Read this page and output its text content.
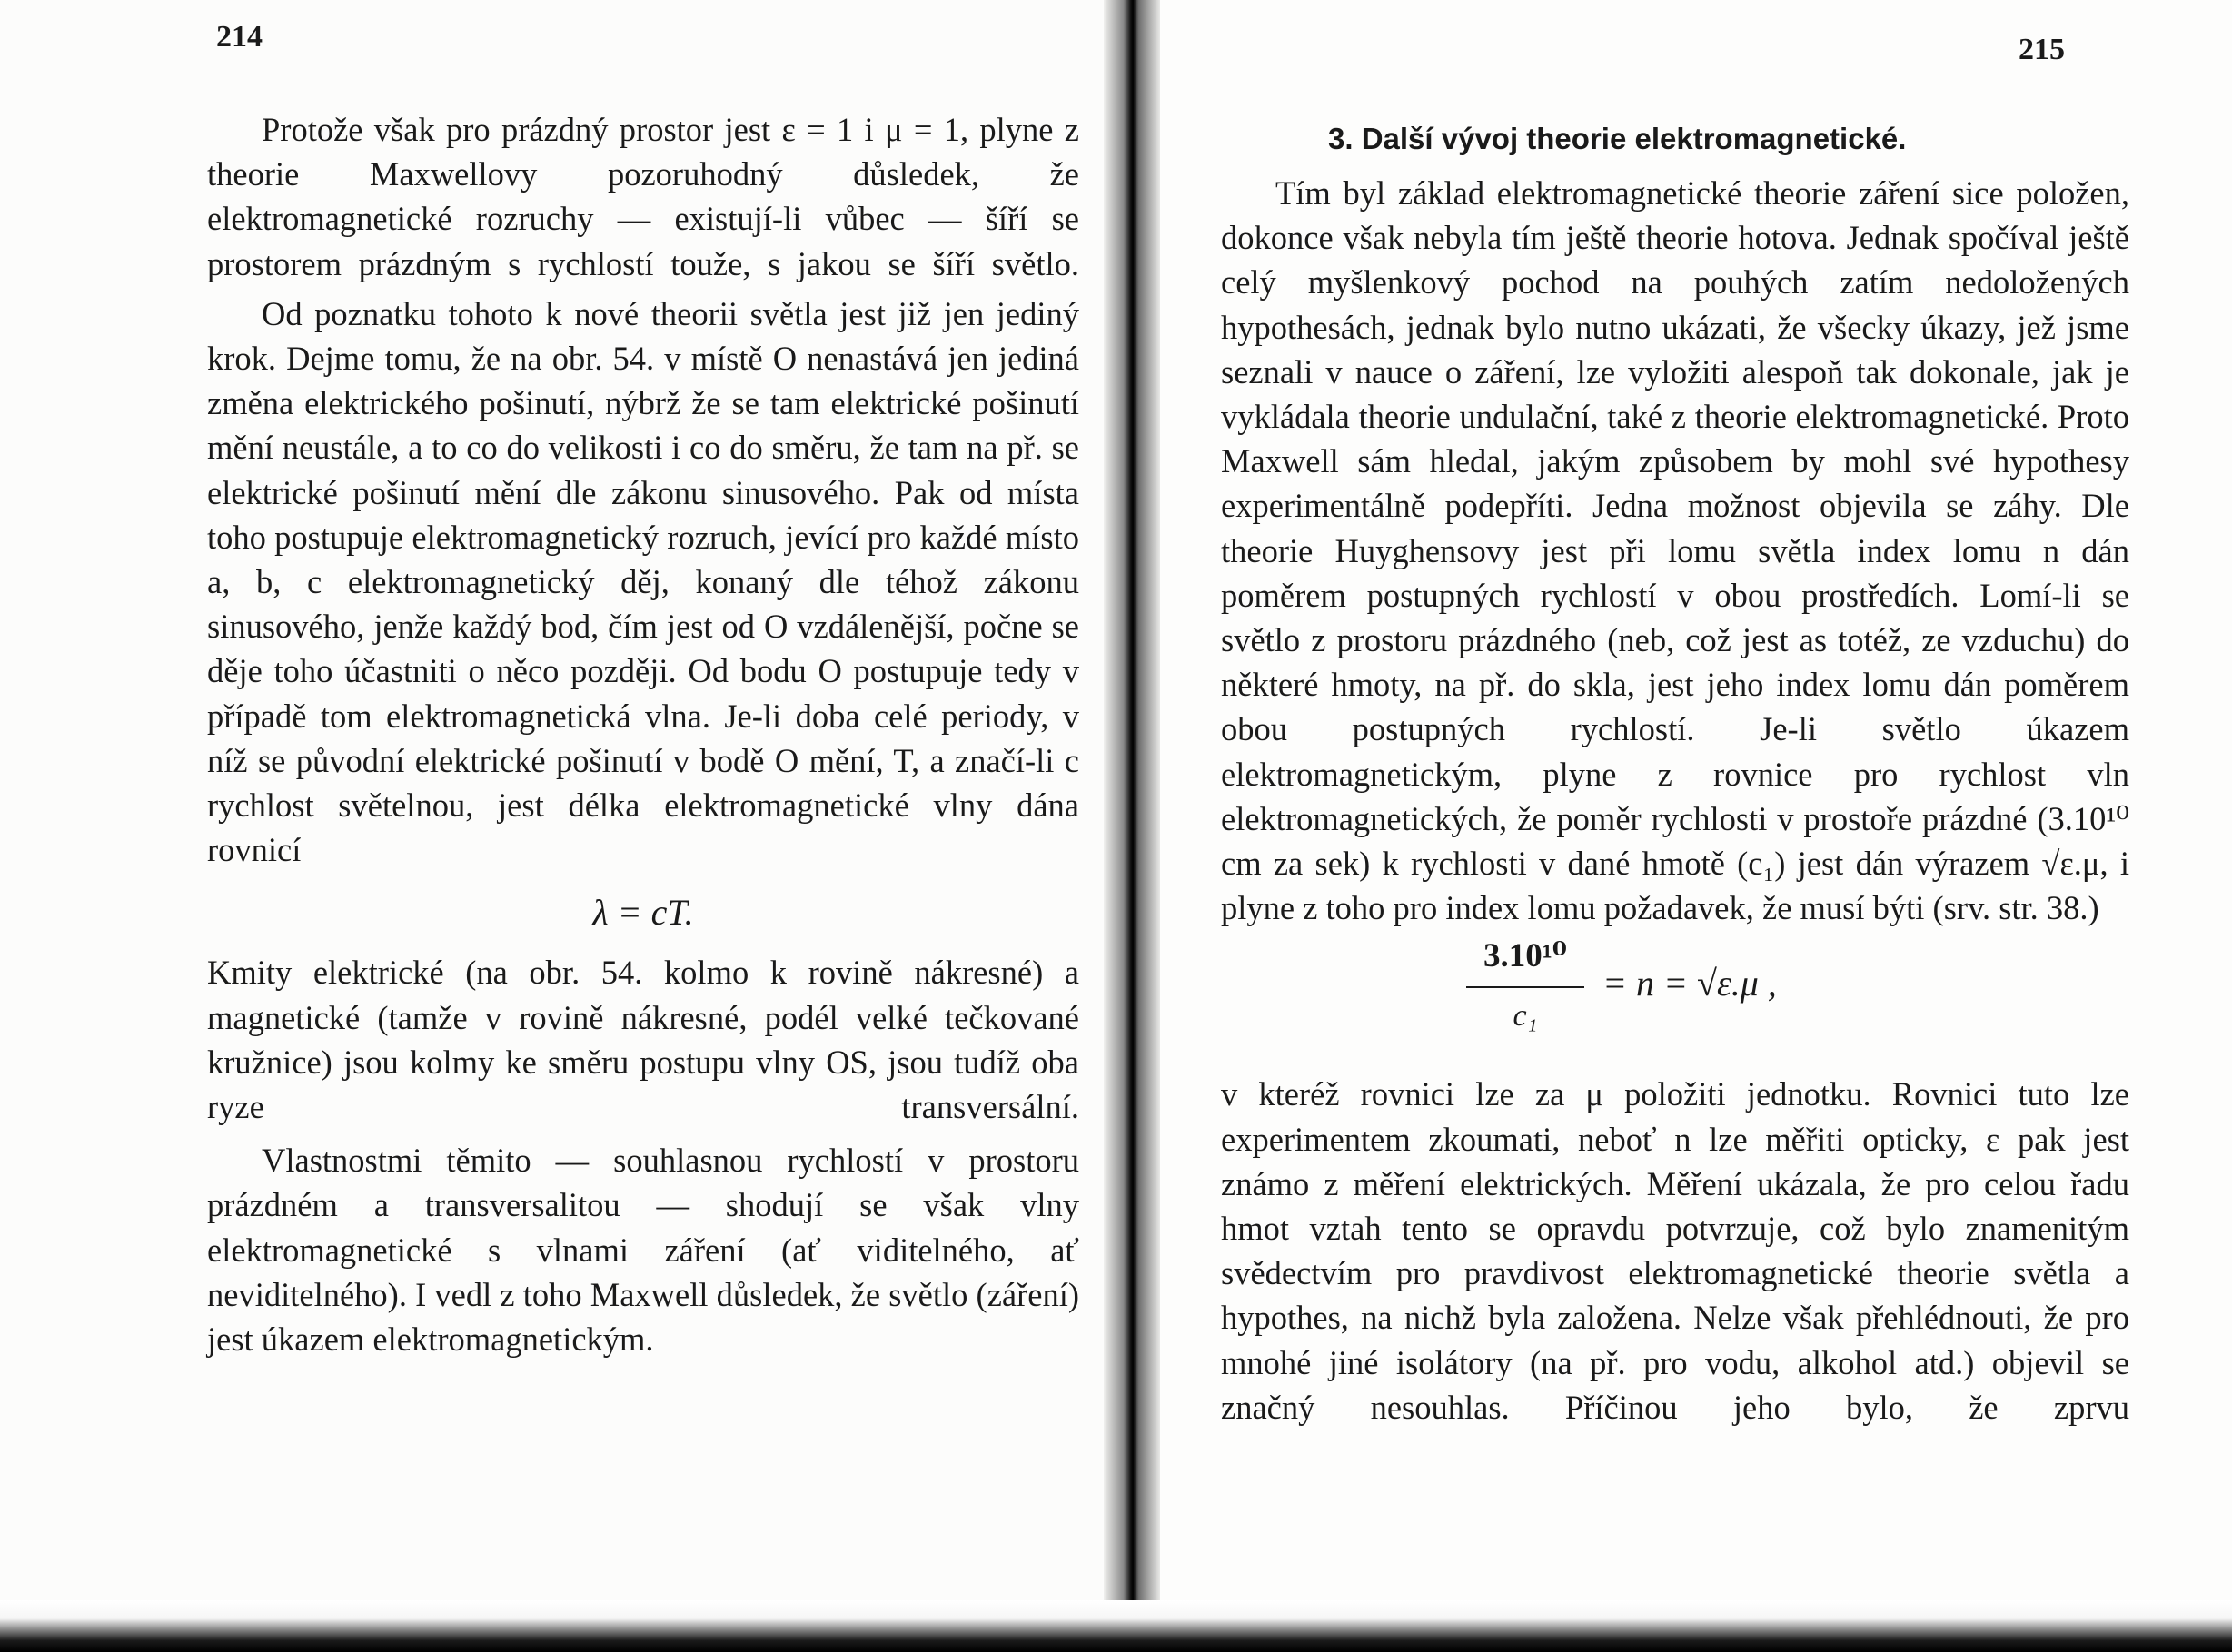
214

Protože však pro prázdný prostor jest ε = 1 i μ = 1, plyne z theorie Maxwellovy pozoruhodný důsledek, že elektromagnetické rozruchy — existují-li vůbec — šíří se prostorem prázdným s rychlostí touže, s jakou se šíří světlo.

Od poznatku tohoto k nové theorii světla jest již jen jediný krok. Dejme tomu, že na obr. 54. v místě O nenastává jen jediná změna elektrického pošinutí, nýbrž že se tam elektrické pošinutí mění neustále, a to co do velikosti i co do směru, že tam na př. se elektrické pošinutí mění dle zákonu sinusového. Pak od místa toho postupuje elektromagnetický rozruch, jevící pro každé místo a, b, c elektromagnetický děj, konaný dle téhož zákonu sinusového, jenže každý bod, čím jest od O vzdálenější, počne se děje toho účastniti o něco později. Od bodu O postupuje tedy v případě tom elektromagnetická vlna. Je-li doba celé periody, v níž se původní elektrické pošinutí v bodě O mění, T, a značí-li c rychlost světelnou, jest délka elektromagnetické vlny dána rovnicí

λ = cT.

Kmity elektrické (na obr. 54. kolmo k rovině nákresné) a magnetické (tamže v rovině nákresné, podél velké tečkované kružnice) jsou kolmy ke směru postupu vlny OS, jsou tudíž oba ryze transversální.

Vlastnostmi těmito — souhlasnou rychlostí v prostoru prázdném a transversalitou — shodují se však vlny elektromagnetické s vlnami záření (ať viditelného, ať neviditelného). I vedl z toho Maxwell důsledek, že světlo (záření) jest úkazem elektromagnetickým.

215
3. Další vývoj theorie elektromagnetické.

Tím byl základ elektromagnetické theorie záření sice položen, dokonce však nebyla tím ještě theorie hotova. Jednak spočíval ještě celý myšlenkový pochod na pouhých zatím nedoložených hypothesách, jednak bylo nutno ukázati, že všecky úkazy, jež jsme seznali v nauce o záření, lze vyložiti alespoň tak dokonale, jak je vykládala theorie undulační, také z theorie elektromagnetické. Proto Maxwell sám hledal, jakým způsobem by mohl své hypothesy experimentálně podepříti. Jedna možnost objevila se záhy. Dle theorie Huyghensovy jest při lomu světla index lomu n dán poměrem postupných rychlostí v obou prostředích. Lomí-li se světlo z prostoru prázdného (neb, což jest as totéž, ze vzduchu) do některé hmoty, na př. do skla, jest jeho index lomu dán poměrem obou postupných rychlostí. Je-li světlo úkazem elektromagnetickým, plyne z rovnice pro rychlost vln elektromagnetických, že poměr rychlosti v prostoře prázdné (3.10¹⁰ cm za sek) k rychlosti v dané hmotě (c₁) jest dán výrazem √ε.μ, i plyne z toho pro index lomu požadavek, že musí býti (srv. str. 38.)

$\frac{\text{3.10¹⁰}}{\text{c₁}} = n = √\varepsilon.\mu$ ,

v kteréž rovnici lze za μ položiti jednotku. Rovnici tuto lze experimentem zkoumati, neboť n lze měřiti opticky, ε pak jest známo z měření elektrických. Měření ukázala, že pro celou řadu hmot vztah tento se opravdu potvrzuje, což bylo znamenitým svědectvím pro pravdivost elektromagnetické theorie světla a hypothes, na nichž byla založena. Nelze však přehlédnouti, že pro mnohé jiné isolátory (na př. pro vodu, alkohol atd.) objevil se značný nesouhlas. Příčinou jeho bylo, že zprvu
